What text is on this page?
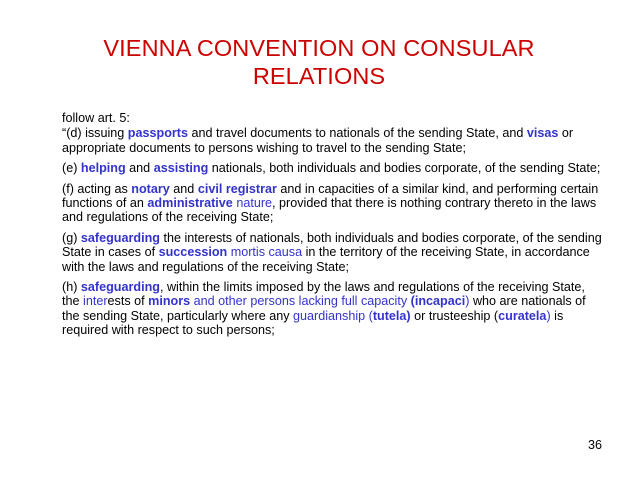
VIENNA CONVENTION ON CONSULAR
RELATIONS

follow art. 5:

“(d) issuing passports and travel documents to nationals of the sending State, and visas or appropriate documents to persons wishing to travel to the sending State;

(e) helping and assisting nationals, both individuals and bodies corporate, of the sending State;

(f) acting as notary and civil registrar and in capacities of a similar kind, and performing certain functions of an administrative nature, provided that there is nothing contrary thereto in the laws and regulations of the receiving State;

(g) safeguarding the interests of nationals, both individuals and bodies corporate, of the sending State in cases of succession mortis causa in the territory of the receiving State, in accordance with the laws and regulations of the receiving State;

(h) safeguarding, within the limits imposed by the laws and regulations of the receiving State, the interests of minors and other persons lacking full capacity (incapaci) who are nationals of the sending State, particularly where any guardianship (tutela) or trusteeship (curatela) is required with respect to such persons;

36
